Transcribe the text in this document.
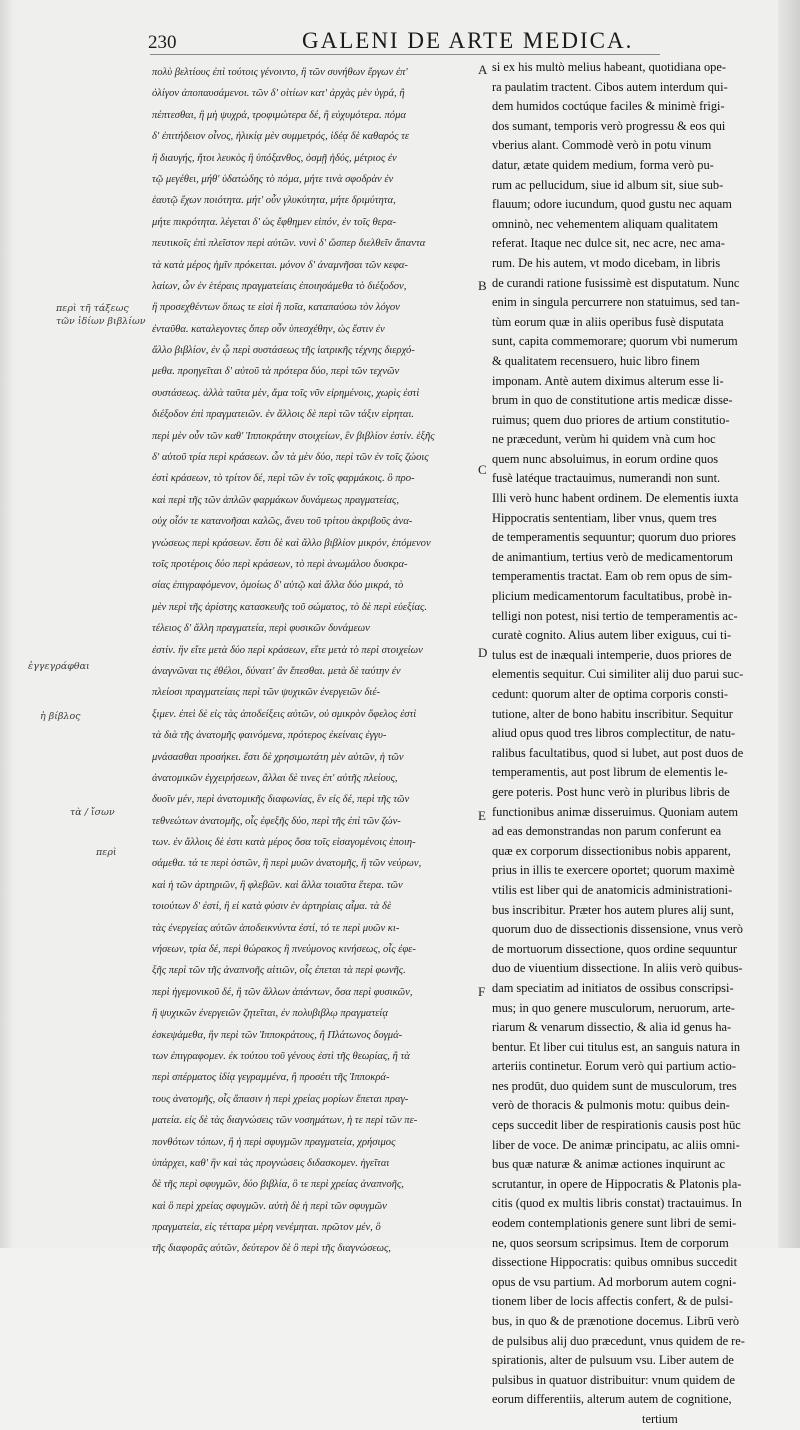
230	GALENI DE ARTE MEDICA.
πολὺ βελτίους ἐπὶ τούτοις γένοιντο, ἢ τῶν συνήθων ἔργων ἐπ'
ὀλίγον ἀποπαυσάμενοι. τῶν δ' οἰτίων κατ' ἀρχὰς μὲν ὑγρά, ἢ
πέπτεσθαι, ἢ μὴ ψυχρά, τροφιμώτερα δέ, ἢ εὐχυμότερα. πόμα
δ' ἐπιτήδειον οἶνος, ἡλικίᾳ μὲν συμμετρός, ἰδέᾳ δὲ καθαρός τε
ἢ διαυγής, ἤτοι λευκὸς ἢ ὑπόξανθος, ὀσμῇ ἡδύς, μέτριος ἐν
τῷ μεγέθει, μήθ' ὑδατώδης τὸ πόμα, μήτε τινὰ σφοδρὰν ἐν
ἑαυτῷ ἔχων ποιότητα. μήτ' οὖν γλυκύτητα, μήτε δριμύτητα,
μήτε πικρότητα. λέγεται δ' ὡς ἔφθημεν εἰπόν, ἐν τοῖς θερα-
πευτικοῖς ἐπὶ πλεῖστον περὶ αὐτῶν. νυνὶ δ' ὥσπερ διελθεῖν ἅπαντα
τὰ κατὰ μέρος ἡμῖν πρόκειται. μόνον δ' ἀναμνῆσαι τῶν κεφα-
λαίων, ὧν ἐν ἑτέραις πραγματείαις ἐποιησάμεθα τὸ διέξοδον,
ἢ προσεχθέντων ὅπως τε εἰσὶ ἢ ποῖα, καταπαύσω τὸν λόγον
ἐνταῦθα. καταλεγοντες ὅπερ οὖν ὑπεσχέθην, ὡς ἔστιν ἐν
ἄλλο βιβλίον, ἐν ᾧ περὶ συστάσεως τῆς ἰατρικῆς τέχνης διερχό-
μεθα. προηγεῖται δ' αὐτοῦ τὰ πρότερα δύο, περὶ τῶν τεχνῶν
συστάσεως. ἀλλὰ ταῦτα μὲν, ἅμα τοῖς νῦν εἰρημένοις, χωρὶς ἐστὶ
διέξοδον ἐπὶ πραγματειῶν. ἐν ἄλλοις δὲ περὶ τῶν τάξιν εἰρηται.
περὶ μὲν οὖν τῶν καθ' Ἱπποκράτην στοιχείων, ἓν βιβλίον ἐστίν. ἑξῆς
δ' αὐτοῦ τρία περὶ κράσεων. ὧν τὰ μὲν δύο, περὶ τῶν ἐν τοῖς ζώοις
ἐστὶ κράσεων, τὸ τρίτον δέ, περὶ τῶν ἐν τοῖς φαρμάκοις. ὃ προ-
καὶ περὶ τῆς τῶν ἁπλῶν φαρμάκων δυνάμεως πραγματείας,
οὐχ οἷόν τε κατανοῆσαι καλῶς, ἄνευ τοῦ τρίτου ἀκριβοῦς ἀνα-
γνώσεως περὶ κράσεων. ἔστι δὲ καὶ ἄλλο βιβλίον μικρόν, ἑπόμενον
τοῖς προτέροις δύο περὶ κράσεων, τὸ περὶ ἀνωμάλου δυσκρα-
σίας ἐπιγραφόμενον, ὁμοίως δ' αὐτῷ καὶ ἄλλα δύο μικρά, τὸ
μὲν περὶ τῆς ἀρίστης κατασκευῆς τοῦ σώματος, τὸ δὲ περὶ εὐεξίας.
τέλειος δ' ἄλλη πραγματεία, περὶ φυσικῶν δυνάμεων
ἐστίν. ἣν εἴτε μετὰ δύο περὶ κράσεων, εἴτε μετὰ τὸ περὶ στοιχείων
ἀναγνῶναι τις ἐθέλοι, δύναιτ' ἂν ἕπεσθαι. μετὰ δὲ ταύτην ἐν
πλείοσι πραγματείαις περὶ τῶν ψυχικῶν ἐνεργειῶν διέ-
ξιμεν. ἐπεὶ δὲ εἰς τὰς ἀποδείξεις αὐτῶν, οὐ σμικρὸν ὄφελος ἐστὶ
τὰ διὰ τῆς ἀνατομῆς φαινόμενα, πρότερος ἐκείναις ἐγγυ-
μνάσασθαι προσήκει. ἔστι δὲ χρησιμωτάτη μὲν αὐτῶν, ἡ τῶν
ἀνατομικῶν ἐγχειρήσεων, ἄλλαι δὲ τινες ἐπ' αὐτῆς πλείους,
δυοῖν μέν, περὶ ἀνατομικῆς διαφωνίας, ἓν εἰς δέ, περὶ τῆς τῶν
τεθνεώτων ἀνατομῆς, οἷς ἐφεξῆς δύο, περὶ τῆς ἐπὶ τῶν ζών-
των. ἐν ἄλλοις δὲ ἐστι κατὰ μέρος ὅσα τοῖς εἰσαγομένοις ἐποιη-
σάμεθα. τά τε περὶ ὀστῶν, ἢ περὶ μυῶν ἀνατομῆς, ἢ τῶν νεύρων,
καὶ ἡ τῶν ἀρτηριῶν, ἢ φλεβῶν. καὶ ἄλλα τοιαῦτα ἕτερα. τῶν
τοιούτων δ' ἐστί, ἢ εἰ κατὰ φύσιν ἐν ἀρτηρίαις αἷμα. τὰ δὲ
τὰς ἐνεργείας αὐτῶν ἀποδεικνύντα ἐστί, τό τε περὶ μυῶν κι-
νήσεων, τρία δέ, περὶ θώρακος ἢ πνεύμονος κινήσεως, οἷς ἐφε-
ξῆς περὶ τῶν τῆς ἀναπνοῆς αἰτιῶν, οἷς ἐπεται τὰ περὶ φωνῆς.
περὶ ἡγεμονικοῦ δέ, ἢ τῶν ἄλλων ἁπάντων, ὅσα περὶ φυσικῶν,
ἢ ψυχικῶν ἐνεργειῶν ζητεῖται, ἐν πολυβιβλῳ πραγματείᾳ
ἐσκεψάμεθα, ἣν περὶ τῶν Ἱπποκράτους, ἢ Πλάτωνος δογμά-
των ἐπιγραφομεν. ἐκ τούτου τοῦ γένους ἐστὶ τῆς θεωρίας, ἢ τὰ
περὶ σπέρματος ἰδίᾳ γεγραμμένα, ἢ προσέτι τῆς Ἱπποκρά-
τους ἀνατομῆς, οἷς ἅπασιν ἡ περὶ χρείας μορίων ἕπεται πραγ-
ματεία. εἰς δὲ τὰς διαγνώσεις τῶν νοσημάτων, ἡ τε περὶ τῶν πε-
πονθότων τόπων, ἢ ἡ περὶ σφυγμῶν πραγματεία, χρήσιμος
ὑπάρχει, καθ' ἣν καὶ τὰς προγνώσεις διδασκομεν. ἡγεῖται
δὲ τῆς περὶ σφυγμῶν, δύο βιβλία, ὃ τε περὶ χρείας ἀναπνοῆς,
καὶ ὃ περὶ χρείας σφυγμῶν. αὐτὴ δὲ ἡ περὶ τῶν σφυγμῶν
πραγματεία, εἰς τέτταρα μέρη νενέμηται. πρῶτον μέν, ὃ
τῆς διαφορᾶς αὐτῶν, δεύτερον δὲ ὃ περὶ τῆς διαγνώσεως,
A
B
C
D
E
F
si ex his multò melius habeant, quotidiana ope-
ra paulatim tractent. Cibos autem interdum qui-
dem humidos coctúque faciles & minimè frigi-
dos sumant, temporis verò progressu & eos qui
vberius alant. Commodè verò in potu vinum
datur, ætate quidem medium, forma verò pu-
rum ac pellucidum, siue id album sit, siue sub-
flauum; odore iucundum, quod gustu nec aquam
omninò, nec vehementem aliquam qualitatem
referat. Itaque nec dulce sit, nec acre, nec ama-
rum. De his autem, vt modo dicebam, in libris
de curandi ratione fusissimè est disputatum. Nunc
enim in singula percurrere non statuimus, sed tan-
tùm eorum quæ in aliis operibus fusè disputata
sunt, capita commemorare; quorum vbi numerum
& qualitatem recensuero, huic libro finem
imponam. Antè autem diximus alterum esse li-
brum in quo de constitutione artis medicæ disse-
ruimus; quem duo priores de artium constitutio-
ne præcedunt, verùm hi quidem vnà cum hoc
quem nunc absoluimus, in eorum ordine quos
fusè latéque tractauimus, numerandi non sunt.
Illi verò hunc habent ordinem. De elementis iuxta
Hippocratis sententiam, liber vnus, quem tres
de temperamentis sequuntur; quorum duo priores
de animantium, tertius verò de medicamentorum
temperamentis tractat. Eam ob rem opus de sim-
plicium medicamentorum facultatibus, probè in-
telligi non potest, nisi tertio de temperamentis ac-
curatè cognito. Alius autem liber exiguus, cui ti-
tulus est de inæquali intemperie, duos priores de
elementis sequitur. Cui similiter alij duo parui suc-
cedunt: quorum alter de optima corporis consti-
tutione, alter de bono habitu inscribitur. Sequitur
aliud opus quod tres libros complectitur, de natu-
ralibus facultatibus, quod si lubet, aut post duos de
temperamentis, aut post librum de elementis le-
gere poteris. Post hunc verò in pluribus libris de
functionibus animæ disseruimus. Quoniam autem
ad eas demonstrandas non parum conferunt ea
quæ ex corporum dissectionibus nobis apparent,
prius in illis te exercere oportet; quorum maximè
vtilis est liber qui de anatomicis administrationi-
bus inscribitur. Præter hos autem plures alij sunt,
quorum duo de dissectionis dissensione, vnus verò
de mortuorum dissectione, quos ordine sequuntur
duo de viuentium dissectione. In aliis verò quibus-
dam speciatim ad initiatos de ossibus conscripsi-
mus; in quo genere musculorum, neruorum, arte-
riarum & venarum dissectio, & alia id genus ha-
bentur. Et liber cui titulus est, an sanguis natura in
arteriis continetur. Eorum verò qui partium actio-
nes prodūt, duo quidem sunt de musculorum, tres
verò de thoracis & pulmonis motu: quibus dein-
ceps succedit liber de respirationis causis post hūc
liber de voce. De animæ principatu, ac aliis omni-
bus quæ naturæ & animæ actiones inquirunt ac
scrutantur, in opere de Hippocratis & Platonis pla-
citis (quod ex multis libris constat) tractauimus. In
eodem contemplationis genere sunt libri de semi-
ne, quos seorsum scripsimus. Item de corporum
dissectione Hippocratis: quibus omnibus succedit
opus de vsu partium. Ad morborum autem cogni-
tionem liber de locis affectis confert, & de pulsi-
bus, in quo & de prænotione docemus. Librū verò
de pulsibus alij duo præcedunt, vnus quidem de re-
spirationis, alter de pulsuum vsu. Liber autem de
pulsibus in quatuor distribuitur: vnum quidem de
eorum differentiis, alterum autem de cognitione,
tertium
περὶ τῆ τάξεως τῶν ἰδίων βιβλίων
ἐγγεγράφθαι
ἡ βίβλος
τὰ / ἴσων
περὶ
